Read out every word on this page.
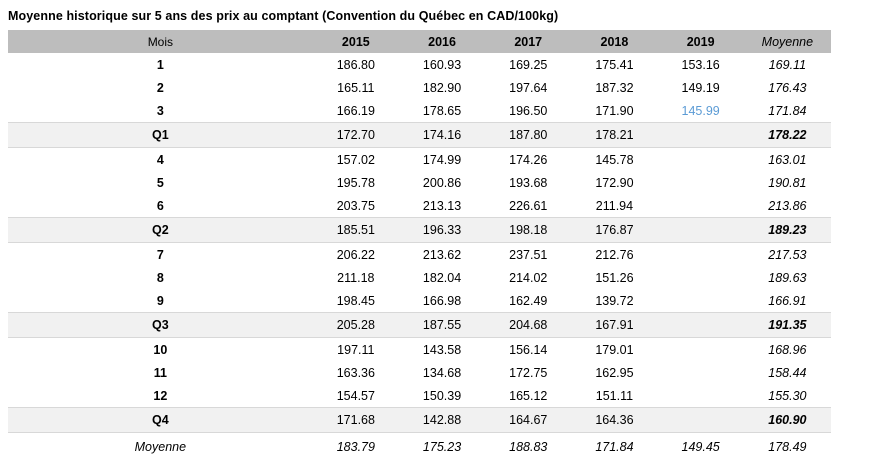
Moyenne historique sur 5 ans des prix au comptant (Convention du Québec en CAD/100kg)
Mois	2015	2016	2017	2018	2019	Moyenne
1	186.80	160.93	169.25	175.41	153.16	169.11
2	165.11	182.90	197.64	187.32	149.19	176.43
3	166.19	178.65	196.50	171.90	145.99	171.84
Q1	172.70	174.16	187.80	178.21		178.22
4	157.02	174.99	174.26	145.78		163.01
5	195.78	200.86	193.68	172.90		190.81
6	203.75	213.13	226.61	211.94		213.86
Q2	185.51	196.33	198.18	176.87		189.23
7	206.22	213.62	237.51	212.76		217.53
8	211.18	182.04	214.02	151.26		189.63
9	198.45	166.98	162.49	139.72		166.91
Q3	205.28	187.55	204.68	167.91		191.35
10	197.11	143.58	156.14	179.01		168.96
11	163.36	134.68	172.75	162.95		158.44
12	154.57	150.39	165.12	151.11		155.30
Q4	171.68	142.88	164.67	164.36		160.90
Moyenne	183.79	175.23	188.83	171.84	149.45	178.49
